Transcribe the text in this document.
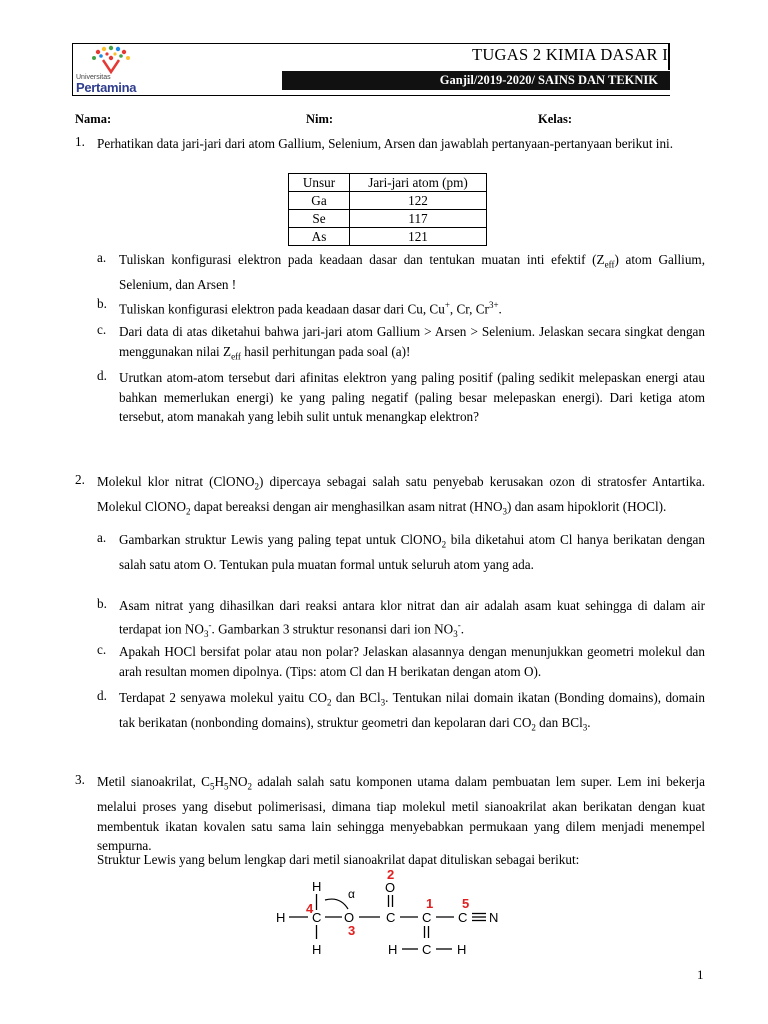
Universitas
Pertamina
TUGAS 2 KIMIA DASAR I
Ganjil/2019-2020/ SAINS DAN TEKNIK
Nama:	Nim:	Kelas:
1. Perhatikan data jari-jari dari atom Gallium, Selenium, Arsen dan jawablah pertanyaan-pertanyaan berikut ini.
Unsur	Jari-jari atom (pm)
Ga	122
Se	117
As	121
a. Tuliskan konfigurasi elektron pada keadaan dasar dan tentukan muatan inti efektif $(Z_{eff})$ atom Gallium, Selenium, dan Arsen !
b. Tuliskan konfigurasi elektron pada keadaan dasar dari Cu, Cu+, Cr, $Cr^{3+}$.
c. Dari data di atas diketahui bahwa jari-jari atom Gallium > Arsen > Selenium. Jelaskan secara singkat dengan menggunakan nilai $Z_{eff}$ hasil perhitungan pada soal (a)!
d. Urutkan atom-atom tersebut dari afinitas elektron yang paling positif (paling sedikit melepaskan energi atau bahkan memerlukan energi) ke yang paling negatif (paling besar melepaskan energi). Dari ketiga atom tersebut, atom manakah yang lebih sulit untuk menangkap elektron?
2. Molekul klor nitrat (ClONO$_2$) dipercaya sebagai salah satu penyebab kerusakan ozon di stratosfer Antartika. Molekul ClONO$_2$ dapat bereaksi dengan air menghasilkan asam nitrat $(HNO_3)$ dan asam hipoklorit (HOCl).
a. Gambarkan struktur Lewis yang paling tepat untuk ClONO$_2$ bila diketahui atom Cl hanya berikatan dengan salah satu atom O. Tentukan pula muatan formal untuk seluruh atom yang ada.
b. Asam nitrat yang dihasilkan dari reaksi antara klor nitrat dan air adalah asam kuat sehingga di dalam air terdapat ion $NO_3^-$. Gambarkan 3 struktur resonansi dari ion $NO_3^-$.
c. Apakah HOCl bersifat polar atau non polar? Jelaskan alasannya dengan menunjukkan geometri molekul dan arah resultan momen dipolnya. (Tips: atom Cl dan H berikatan dengan atom O).
d. Terdapat 2 senyawa molekul yaitu $CO_2$ dan BCl$_3$. Tentukan nilai domain ikatan (Bonding domains), domain tak berikatan (nonbonding domains), struktur geometri dan kepolaran dari $CO_2$ dan BCl$_3$.
3. Metil sianoakrilat, $C_5H_5NO_2$ adalah salah satu komponen utama dalam pembuatan lem super. Lem ini bekerja melalui proses yang disebut polimerisasi, dimana tiap molekul metil sianoakrilat akan berikatan dengan kuat membentuk ikatan kovalen satu sama lain sehingga menyebabkan permukaan yang dilem menjadi menempel sempurna.
Struktur Lewis yang belum lengkap dari metil sianoakrilat dapat dituliskan sebagai berikut:
H
H C
H
O C
O
C C N
H C H
α
1
2
3
4	5
1
